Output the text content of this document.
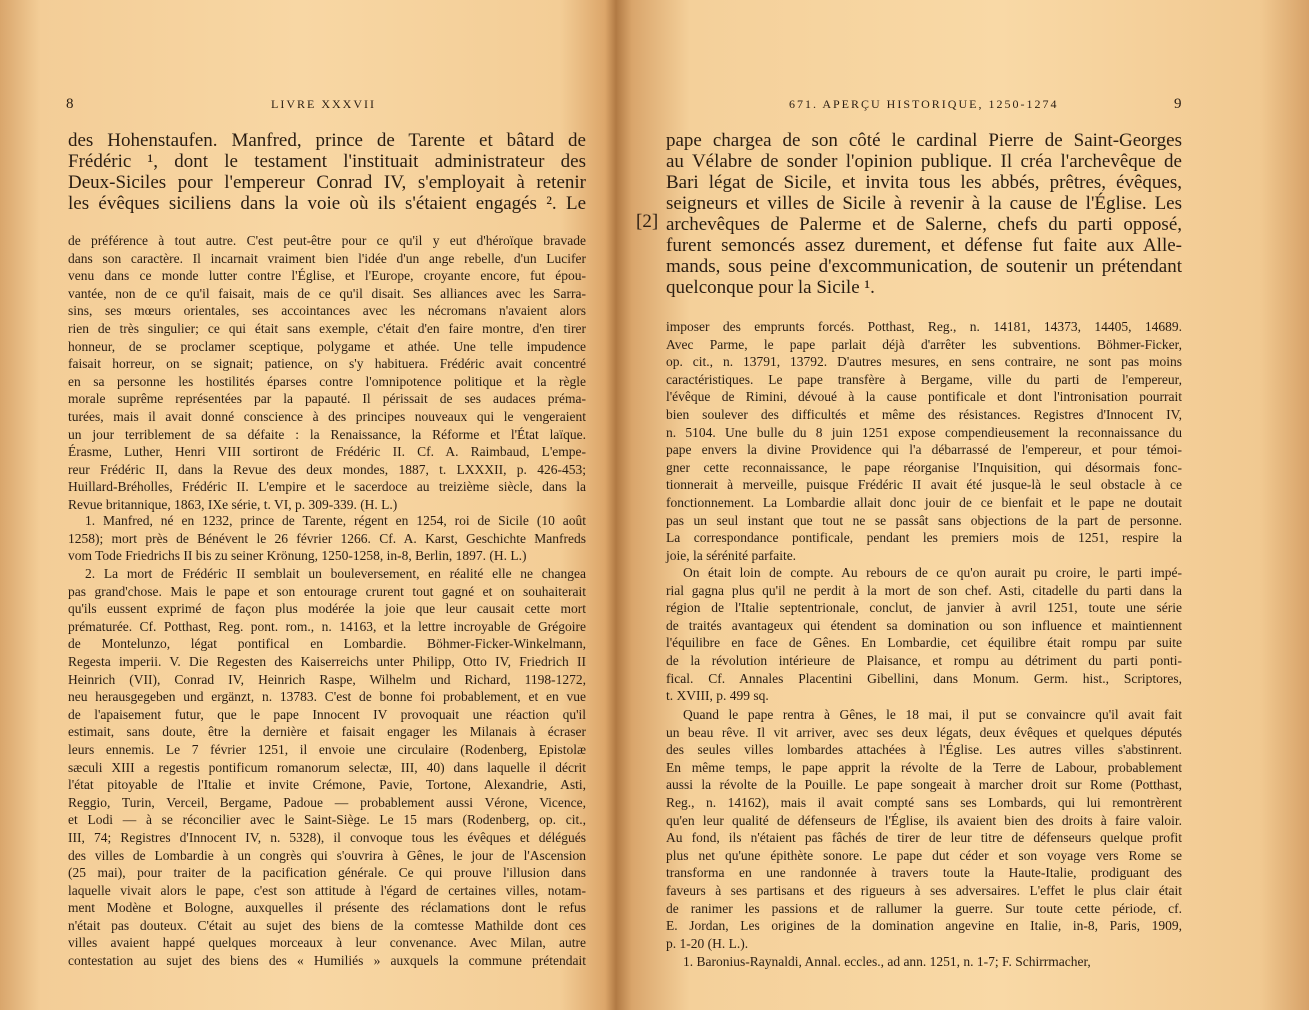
8	LIVRE XXXVII
des Hohenstaufen. Manfred, prince de Tarente et bâtard de
Frédéric ¹, dont le testament l'instituait administrateur des
Deux-Siciles pour l'empereur Conrad IV, s'employait à retenir
les évêques siciliens dans la voie où ils s'étaient engagés ². Le
de préférence à tout autre. C'est peut-être pour ce qu'il y eut d'héroïque bravade
dans son caractère. Il incarnait vraiment bien l'idée d'un ange rebelle, d'un Lucifer
venu dans ce monde lutter contre l'Église, et l'Europe, croyante encore, fut épou-
vantée, non de ce qu'il faisait, mais de ce qu'il disait. Ses alliances avec les Sarra-
sins, ses mœurs orientales, ses accointances avec les nécromans n'avaient alors
rien de très singulier; ce qui était sans exemple, c'était d'en faire montre, d'en tirer
honneur, de se proclamer sceptique, polygame et athée. Une telle impudence
faisait horreur, on se signait; patience, on s'y habituera. Frédéric avait concentré
en sa personne les hostilités éparses contre l'omnipotence politique et la règle
morale suprême représentées par la papauté. Il périssait de ses audaces préma-
turées, mais il avait donné conscience à des principes nouveaux qui le vengeraient
un jour terriblement de sa défaite : la Renaissance, la Réforme et l'État laïque.
Érasme, Luther, Henri VIII sortiront de Frédéric II. Cf. A. Raimbaud, L'empe-
reur Frédéric II, dans la Revue des deux mondes, 1887, t. LXXXII, p. 426-453;
Huillard-Bréholles, Frédéric II. L'empire et le sacerdoce au treizième siècle, dans la
Revue britannique, 1863, IXe série, t. VI, p. 309-339. (H. L.)
1. Manfred, né en 1232, prince de Tarente, régent en 1254, roi de Sicile (10 août
1258); mort près de Bénévent le 26 février 1266. Cf. A. Karst, Geschichte Manfreds
vom Tode Friedrichs II bis zu seiner Krönung, 1250-1258, in-8, Berlin, 1897. (H. L.)
2. La mort de Frédéric II semblait un bouleversement, en réalité elle ne changea
pas grand'chose. Mais le pape et son entourage crurent tout gagné et on souhaiterait
qu'ils eussent exprimé de façon plus modérée la joie que leur causait cette mort
prématurée. Cf. Potthast, Reg. pont. rom., n. 14163, et la lettre incroyable de Grégoire
de Montelunzo, légat pontifical en Lombardie. Böhmer-Ficker-Winkelmann,
Regesta imperii. V. Die Regesten des Kaiserreichs unter Philipp, Otto IV, Friedrich II
Heinrich (VII), Conrad IV, Heinrich Raspe, Wilhelm und Richard, 1198-1272,
neu herausgegeben und ergänzt, n. 13783. C'est de bonne foi probablement, et en vue
de l'apaisement futur, que le pape Innocent IV provoquait une réaction qu'il
estimait, sans doute, être la dernière et faisait engager les Milanais à écraser
leurs ennemis. Le 7 février 1251, il envoie une circulaire (Rodenberg, Epistolæ
sæculi XIII a regestis pontificum romanorum selectæ, III, 40) dans laquelle il décrit
l'état pitoyable de l'Italie et invite Crémone, Pavie, Tortone, Alexandrie, Asti,
Reggio, Turin, Verceil, Bergame, Padoue — probablement aussi Vérone, Vicence,
et Lodi — à se réconcilier avec le Saint-Siège. Le 15 mars (Rodenberg, op. cit.,
III, 74; Registres d'Innocent IV, n. 5328), il convoque tous les évêques et délégués
des villes de Lombardie à un congrès qui s'ouvrira à Gênes, le jour de l'Ascension
(25 mai), pour traiter de la pacification générale. Ce qui prouve l'illusion dans
laquelle vivait alors le pape, c'est son attitude à l'égard de certaines villes, notam-
ment Modène et Bologne, auxquelles il présente des réclamations dont le refus
n'était pas douteux. C'était au sujet des biens de la comtesse Mathilde dont ces
villes avaient happé quelques morceaux à leur convenance. Avec Milan, autre
contestation au sujet des biens des « Humiliés » auxquels la commune prétendait
671. APERÇU HISTORIQUE, 1250-1274	9
pape chargea de son côté le cardinal Pierre de Saint-Georges
au Vélabre de sonder l'opinion publique. Il créa l'archevêque de
Bari légat de Sicile, et invita tous les abbés, prêtres, évêques,
seigneurs et villes de Sicile à revenir à la cause de l'Église. Les
archevêques de Palerme et de Salerne, chefs du parti opposé,
furent semoncés assez durement, et défense fut faite aux Alle-
mands, sous peine d'excommunication, de soutenir un prétendant
quelconque pour la Sicile ¹.
imposer des emprunts forcés. Potthast, Reg., n. 14181, 14373, 14405, 14689.
Avec Parme, le pape parlait déjà d'arrêter les subventions. Böhmer-Ficker,
op. cit., n. 13791, 13792. D'autres mesures, en sens contraire, ne sont pas moins
caractéristiques. Le pape transfère à Bergame, ville du parti de l'empereur,
l'évêque de Rimini, dévoué à la cause pontificale et dont l'intronisation pourrait
bien soulever des difficultés et même des résistances. Registres d'Innocent IV,
n. 5104. Une bulle du 8 juin 1251 expose compendieusement la reconnaissance du
pape envers la divine Providence qui l'a débarrassé de l'empereur, et pour témoi-
gner cette reconnaissance, le pape réorganise l'Inquisition, qui désormais fonc-
tionnerait à merveille, puisque Frédéric II avait été jusque-là le seul obstacle à ce
fonctionnement. La Lombardie allait donc jouir de ce bienfait et le pape ne doutait
pas un seul instant que tout ne se passât sans objections de la part de personne.
La correspondance pontificale, pendant les premiers mois de 1251, respire la
joie, la sérénité parfaite.
On était loin de compte. Au rebours de ce qu'on aurait pu croire, le parti impé-
rial gagna plus qu'il ne perdit à la mort de son chef. Asti, citadelle du parti dans la
région de l'Italie septentrionale, conclut, de janvier à avril 1251, toute une série
de traités avantageux qui étendent sa domination ou son influence et maintiennent
l'équilibre en face de Gênes. En Lombardie, cet équilibre était rompu par suite
de la révolution intérieure de Plaisance, et rompu au détriment du parti ponti-
fical. Cf. Annales Placentini Gibellini, dans Monum. Germ. hist., Scriptores,
t. XVIII, p. 499 sq.
Quand le pape rentra à Gênes, le 18 mai, il put se convaincre qu'il avait fait
un beau rêve. Il vit arriver, avec ses deux légats, deux évêques et quelques députés
des seules villes lombardes attachées à l'Église. Les autres villes s'abstinrent.
En même temps, le pape apprit la révolte de la Terre de Labour, probablement
aussi la révolte de la Pouille. Le pape songeait à marcher droit sur Rome (Potthast,
Reg., n. 14162), mais il avait compté sans ses Lombards, qui lui remontrèrent
qu'en leur qualité de défenseurs de l'Église, ils avaient bien des droits à faire valoir.
Au fond, ils n'étaient pas fâchés de tirer de leur titre de défenseurs quelque profit
plus net qu'une épithète sonore. Le pape dut céder et son voyage vers Rome se
transforma en une randonnée à travers toute la Haute-Italie, prodiguant des
faveurs à ses partisans et des rigueurs à ses adversaires. L'effet le plus clair était
de ranimer les passions et de rallumer la guerre. Sur toute cette période, cf.
E. Jordan, Les origines de la domination angevine en Italie, in-8, Paris, 1909,
p. 1-20 (H. L.).
1. Baronius-Raynaldi, Annal. eccles., ad ann. 1251, n. 1-7; F. Schirrmacher,
[2]
